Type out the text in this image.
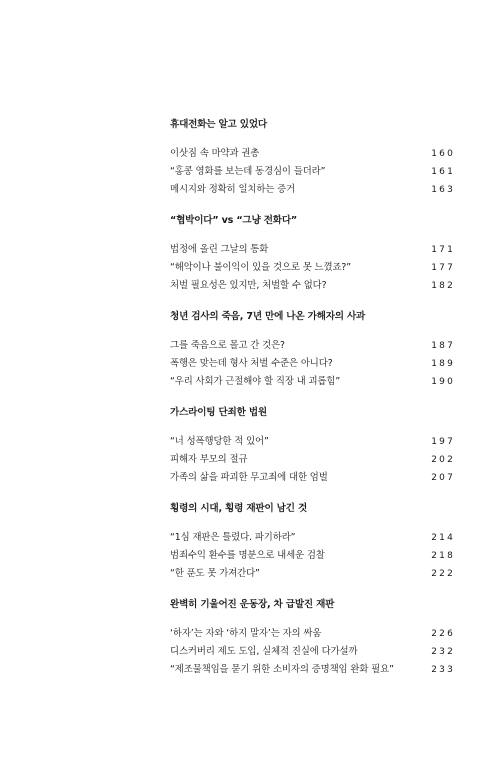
휴대전화는 알고 있었다
이삿짐 속 마약과 권총	160
“홍콩 영화를 보는데 동경심이 들더라”	161
메시지와 정확히 일치하는 증거	163
“협박이다” vs “그냥 전화다”
법정에 올린 그날의 통화	171
“해악이나 불이익이 있을 것으로 못 느꼈죠?”	177
처벌 필요성은 있지만, 처벌할 수 없다?	182
청년 검사의 죽음, 7년 만에 나온 가해자의 사과
그를 죽음으로 몰고 간 것은?	187
폭행은 맞는데 형사 처벌 수준은 아니다?	189
“우리 사회가 근절해야 할 직장 내 괴롭힘”	190
가스라이팅 단죄한 법원
“너 성폭행당한 적 있어”	197
피해자 부모의 절규	202
가족의 삶을 파괴한 무고죄에 대한 엄벌	207
횡령의 시대, 횡령 재판이 남긴 것
“1심 재판은 틀렸다. 파기하라”	214
범죄수익 환수를 명분으로 내세운 검찰	218
“한 푼도 못 가져간다”	222
완벽히 기울어진 운동장, 차 급발진 재판
‘하자’는 자와 ‘하지 말자’는 자의 싸움	226
디스커버리 제도 도입, 실체적 진실에 다가설까	232
“제조물책임을 묻기 위한 소비자의 증명책임 완화 필요”	233
